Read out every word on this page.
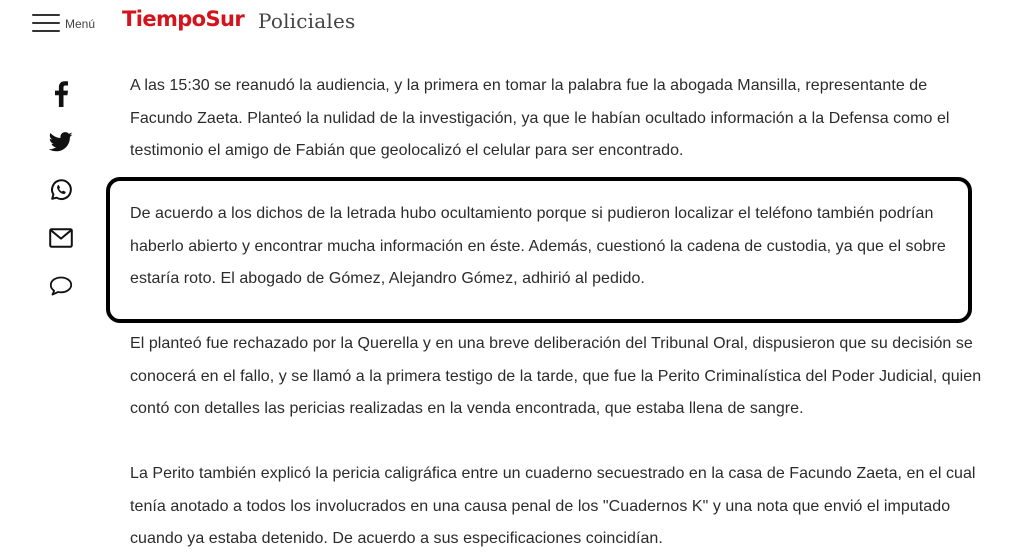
Menú TiempoSur Policiales

A las 15:30 se reanudó la audiencia, y la primera en tomar la palabra fue la abogada Mansilla, representante de Facundo Zaeta. Planteó la nulidad de la investigación, ya que le habían ocultado información a la Defensa como el testimonio el amigo de Fabián que geolocalizó el celular para ser encontrado.

De acuerdo a los dichos de la letrada hubo ocultamiento porque si pudieron localizar el teléfono también podrían haberlo abierto y encontrar mucha información en éste. Además, cuestionó la cadena de custodia, ya que el sobre estaría roto. El abogado de Gómez, Alejandro Gómez, adhirió al pedido.

El planteó fue rechazado por la Querella y en una breve deliberación del Tribunal Oral, dispusieron que su decisión se conocerá en el fallo, y se llamó a la primera testigo de la tarde, que fue la Perito Criminalística del Poder Judicial, quien contó con detalles las pericias realizadas en la venda encontrada, que estaba llena de sangre.

La Perito también explicó la pericia caligráfica entre un cuaderno secuestrado en la casa de Facundo Zaeta, en el cual tenía anotado a todos los involucrados en una causa penal de los "Cuadernos K" y una nota que envió el imputado cuando ya estaba detenido. De acuerdo a sus especificaciones coincidían.
